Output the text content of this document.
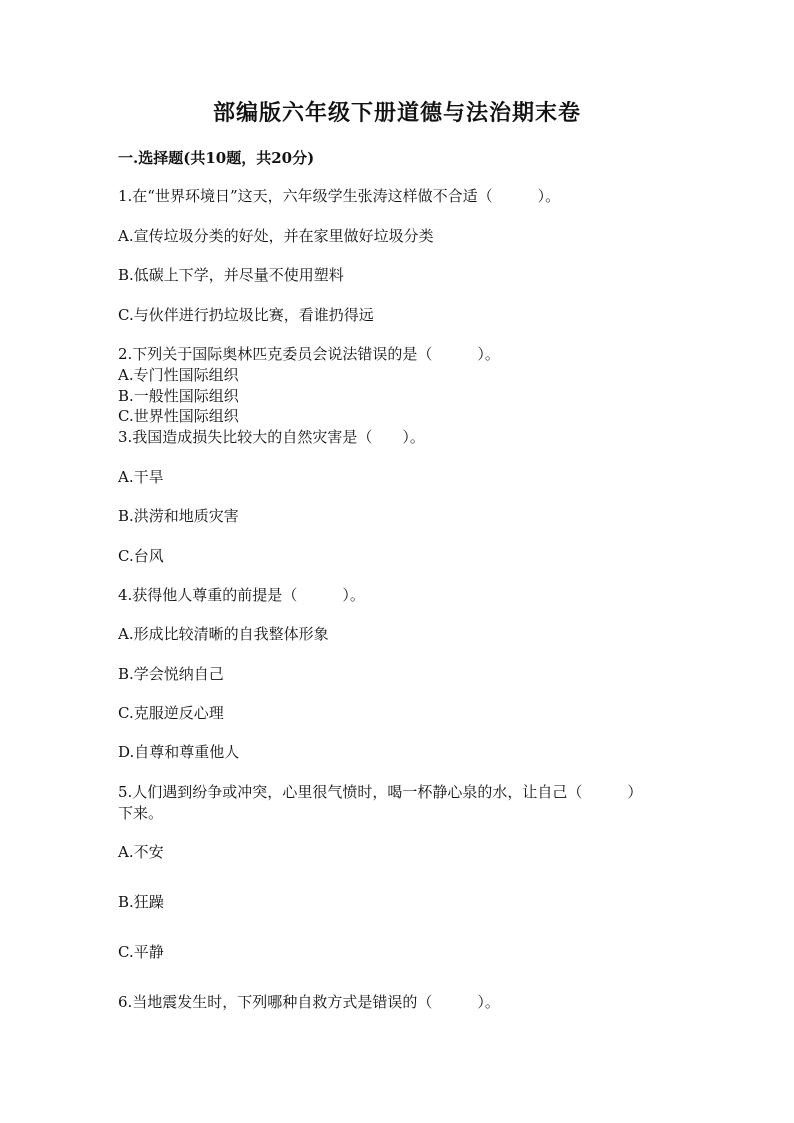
部编版六年级下册道德与法治期末卷
一.选择题(共10题，共20分)
1.在“世界环境日”这天，六年级学生张涛这样做不合适（　　　）。
A.宣传垃圾分类的好处，并在家里做好垃圾分类
B.低碳上下学，并尽量不使用塑料
C.与伙伴进行扔垃圾比赛，看谁扔得远
2.下列关于国际奥林匹克委员会说法错误的是（　　　）。
A.专门性国际组织
B.一般性国际组织
C.世界性国际组织
3.我国造成损失比较大的自然灾害是（　　）。
A.干旱
B.洪涝和地质灾害
C.台风
4.获得他人尊重的前提是（　　　）。
A.形成比较清晰的自我整体形象
B.学会悦纳自己
C.克服逆反心理
D.自尊和尊重他人
5.人们遇到纷争或冲突，心里很气愤时，喝一杯静心泉的水，让自己（　　　）
下来。
A.不安
B.狂躁
C.平静
6.当地震发生时，下列哪种自救方式是错误的（　　　）。
